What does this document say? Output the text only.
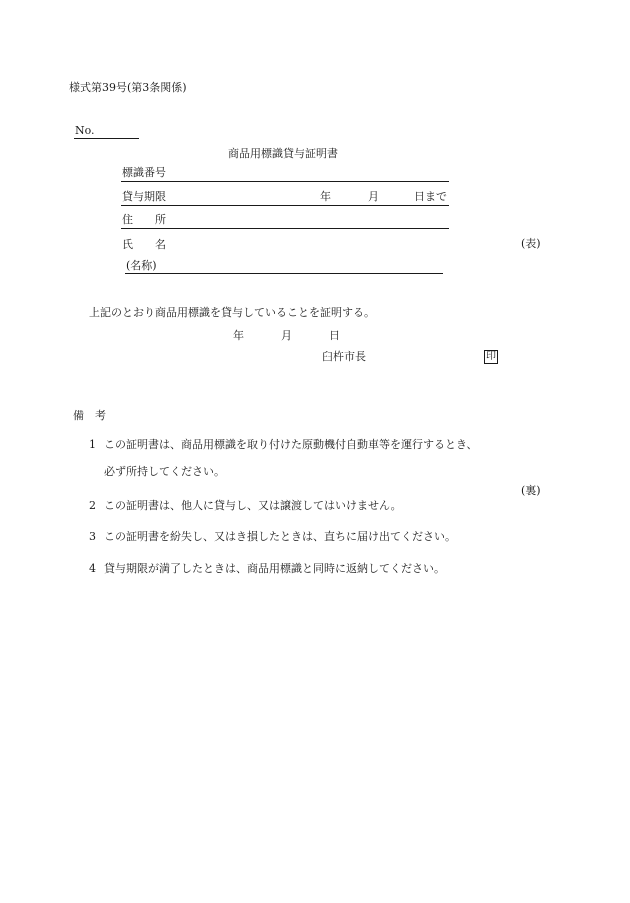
様式第39号(第3条関係)
No.
商品用標識貸与証明書
標識番号
貸与期限	年	月	日まで
住　　所
氏　　名	(表)
(名称)
上記のとおり商品用標識を貸与していることを証明する。
年	月	日
臼杵市長	印
備　考
1 この証明書は、商品用標識を取り付けた原動機付自動車等を運行するとき、
必ず所持してください。
(裏)
2 この証明書は、他人に貸与し、又は譲渡してはいけません。
3 この証明書を紛失し、又はき損したときは、直ちに届け出てください。
4 貸与期限が満了したときは、商品用標識と同時に返納してください。
